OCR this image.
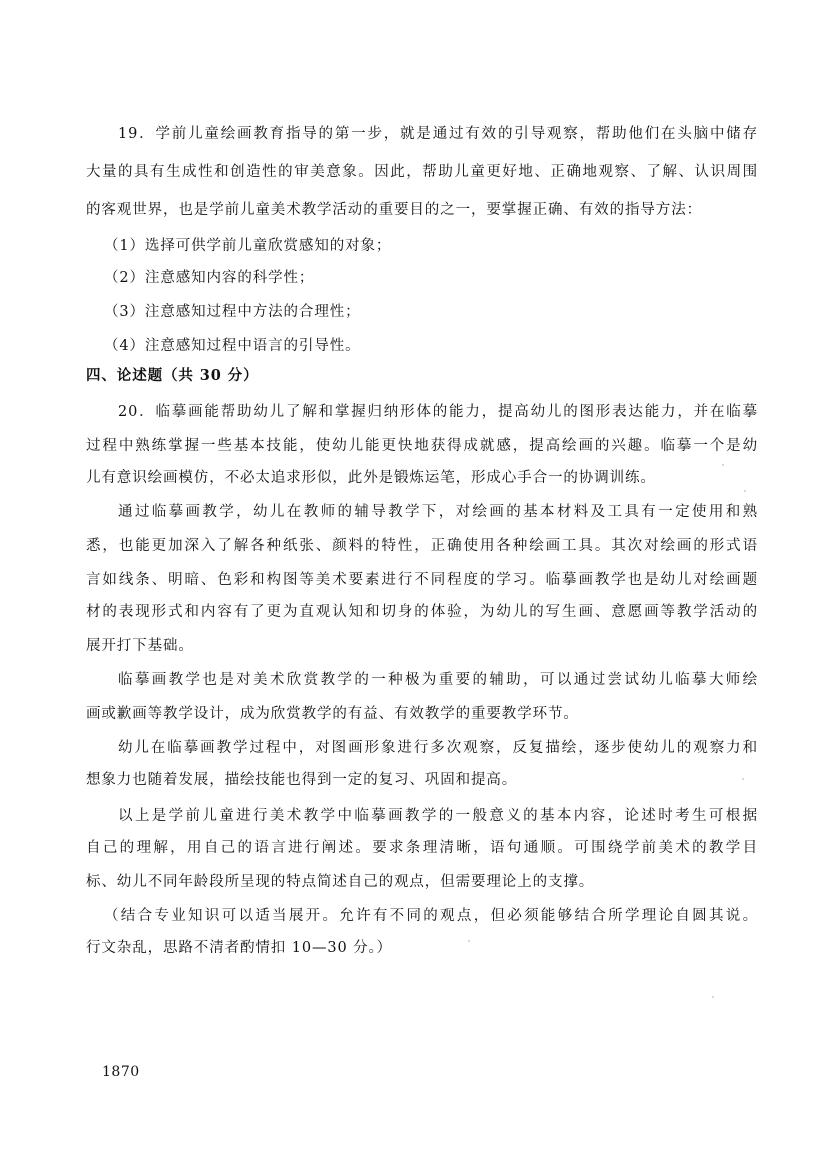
19．学前儿童绘画教育指导的第一步，就是通过有效的引导观察，帮助他们在头脑中储存
大量的具有生成性和创造性的审美意象。因此，帮助儿童更好地、正确地观察、了解、认识周围
的客观世界，也是学前儿童美术教学活动的重要目的之一，要掌握正确、有效的指导方法：
（1）选择可供学前儿童欣赏感知的对象；
（2）注意感知内容的科学性；
（3）注意感知过程中方法的合理性；
（4）注意感知过程中语言的引导性。
四、论述题（共 30 分）
20．临摹画能帮助幼儿了解和掌握归纳形体的能力，提高幼儿的图形表达能力，并在临摹
过程中熟练掌握一些基本技能，使幼儿能更快地获得成就感，提高绘画的兴趣。临摹一个是幼
儿有意识绘画模仿，不必太追求形似，此外是锻炼运笔，形成心手合一的协调训练。
通过临摹画教学，幼儿在教师的辅导教学下，对绘画的基本材料及工具有一定使用和熟
悉，也能更加深入了解各种纸张、颜料的特性，正确使用各种绘画工具。其次对绘画的形式语
言如线条、明暗、色彩和构图等美术要素进行不同程度的学习。临摹画教学也是幼儿对绘画题
材的表现形式和内容有了更为直观认知和切身的体验，为幼儿的写生画、意愿画等教学活动的
展开打下基础。
临摹画教学也是对美术欣赏教学的一种极为重要的辅助，可以通过尝试幼儿临摹大师绘
画或歉画等教学设计，成为欣赏教学的有益、有效教学的重要教学环节。
幼儿在临摹画教学过程中，对图画形象进行多次观察，反复描绘，逐步使幼儿的观察力和
想象力也随着发展，描绘技能也得到一定的复习、巩固和提高。
以上是学前儿童进行美术教学中临摹画教学的一般意义的基本内容，论述时考生可根据
自己的理解，用自己的语言进行阐述。要求条理清晰，语句通顺。可围绕学前美术的教学目
标、幼儿不同年龄段所呈现的特点简述自己的观点，但需要理论上的支撑。
（结合专业知识可以适当展开。允许有不同的观点，但必须能够结合所学理论自圆其说。
行文杂乱，思路不清者酌情扣 10—30 分。）
1870
